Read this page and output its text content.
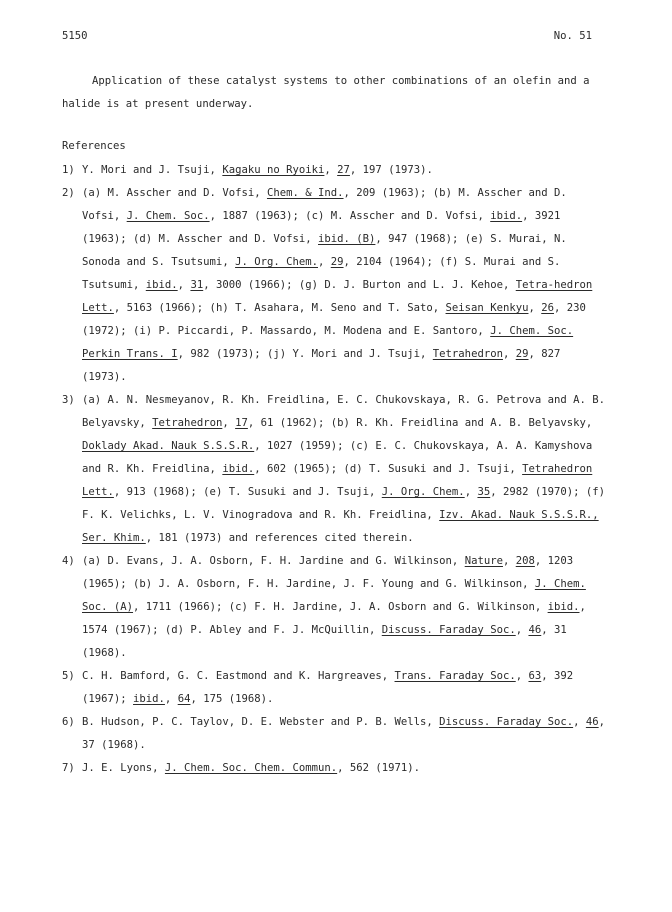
5150	No. 51
Application of these catalyst systems to other combinations of an olefin and a halide is at present underway.
References
1) Y. Mori and J. Tsuji, Kagaku no Ryoiki, 27, 197 (1973).
2) (a) M. Asscher and D. Vofsi, Chem. & Ind., 209 (1963); (b) M. Asscher and D. Vofsi, J. Chem. Soc., 1887 (1963); (c) M. Asscher and D. Vofsi, ibid., 3921 (1963); (d) M. Asscher and D. Vofsi, ibid. (B), 947 (1968); (e) S. Murai, N. Sonoda and S. Tsutsumi, J. Org. Chem., 29, 2104 (1964); (f) S. Murai and S. Tsutsumi, ibid., 31, 3000 (1966); (g) D. J. Burton and L. J. Kehoe, Tetra-hedron Lett., 5163 (1966); (h) T. Asahara, M. Seno and T. Sato, Seisan Kenkyu, 26, 230 (1972); (i) P. Piccardi, P. Massardo, M. Modena and E. Santoro, J. Chem. Soc. Perkin Trans. I, 982 (1973); (j) Y. Mori and J. Tsuji, Tetrahedron, 29, 827 (1973).
3) (a) A. N. Nesmeyanov, R. Kh. Freidlina, E. C. Chukovskaya, R. G. Petrova and A. B. Belyavsky, Tetrahedron, 17, 61 (1962); (b) R. Kh. Freidlina and A. B. Belyavsky, Doklady Akad. Nauk S.S.S.R., 1027 (1959); (c) E. C. Chukovskaya, A. A. Kamyshova and R. Kh. Freidlina, ibid., 602 (1965); (d) T. Susuki and J. Tsuji, Tetrahedron Lett., 913 (1968); (e) T. Susuki and J. Tsuji, J. Org. Chem., 35, 2982 (1970); (f) F. K. Velichks, L. V. Vinogradova and R. Kh. Freidlina, Izv. Akad. Nauk S.S.S.R., Ser. Khim., 181 (1973) and references cited therein.
4) (a) D. Evans, J. A. Osborn, F. H. Jardine and G. Wilkinson, Nature, 208, 1203 (1965); (b) J. A. Osborn, F. H. Jardine, J. F. Young and G. Wilkinson, J. Chem. Soc. (A), 1711 (1966); (c) F. H. Jardine, J. A. Osborn and G. Wilkinson, ibid., 1574 (1967); (d) P. Abley and F. J. McQuillin, Discuss. Faraday Soc., 46, 31 (1968).
5) C. H. Bamford, G. C. Eastmond and K. Hargreaves, Trans. Faraday Soc., 63, 392 (1967); ibid., 64, 175 (1968).
6) B. Hudson, P. C. Taylov, D. E. Webster and P. B. Wells, Discuss. Faraday Soc., 46, 37 (1968).
7) J. E. Lyons, J. Chem. Soc. Chem. Commun., 562 (1971).
